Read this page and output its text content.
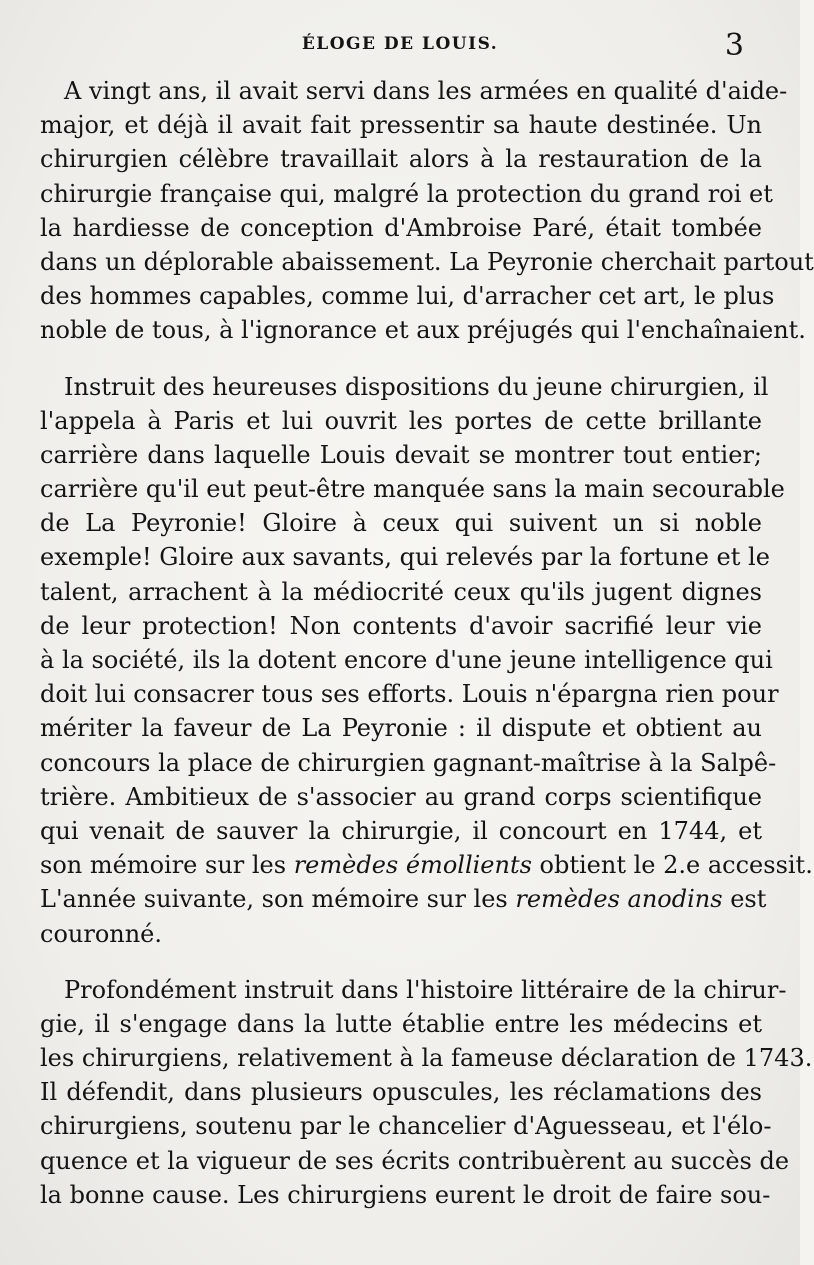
ÉLOGE DE LOUIS.	3
A vingt ans, il avait servi dans les armées en qualité d'aide-
major, et déjà il avait fait pressentir sa haute destinée. Un
chirurgien célèbre travaillait alors à la restauration de la
chirurgie française qui, malgré la protection du grand roi et
la hardiesse de conception d'Ambroise Paré, était tombée
dans un déplorable abaissement. La Peyronie cherchait partout
des hommes capables, comme lui, d'arracher cet art, le plus
noble de tous, à l'ignorance et aux préjugés qui l'enchaînaient.
Instruit des heureuses dispositions du jeune chirurgien, il
l'appela à Paris et lui ouvrit les portes de cette brillante
carrière dans laquelle Louis devait se montrer tout entier;
carrière qu'il eut peut-être manquée sans la main secourable
de La Peyronie! Gloire à ceux qui suivent un si noble
exemple! Gloire aux savants, qui relevés par la fortune et le
talent, arrachent à la médiocrité ceux qu'ils jugent dignes
de leur protection! Non contents d'avoir sacrifié leur vie
à la société, ils la dotent encore d'une jeune intelligence qui
doit lui consacrer tous ses efforts. Louis n'épargna rien pour
mériter la faveur de La Peyronie : il dispute et obtient au
concours la place de chirurgien gagnant-maîtrise à la Salpê-
trière. Ambitieux de s'associer au grand corps scientifique
qui venait de sauver la chirurgie, il concourt en 1744, et
son mémoire sur les remèdes émollients obtient le 2.e accessit.
L'année suivante, son mémoire sur les remèdes anodins est
couronné.
Profondément instruit dans l'histoire littéraire de la chirur-
gie, il s'engage dans la lutte établie entre les médecins et
les chirurgiens, relativement à la fameuse déclaration de 1743.
Il défendit, dans plusieurs opuscules, les réclamations des
chirurgiens, soutenu par le chancelier d'Aguesseau, et l'élo-
quence et la vigueur de ses écrits contribuèrent au succès de
la bonne cause. Les chirurgiens eurent le droit de faire sou-
